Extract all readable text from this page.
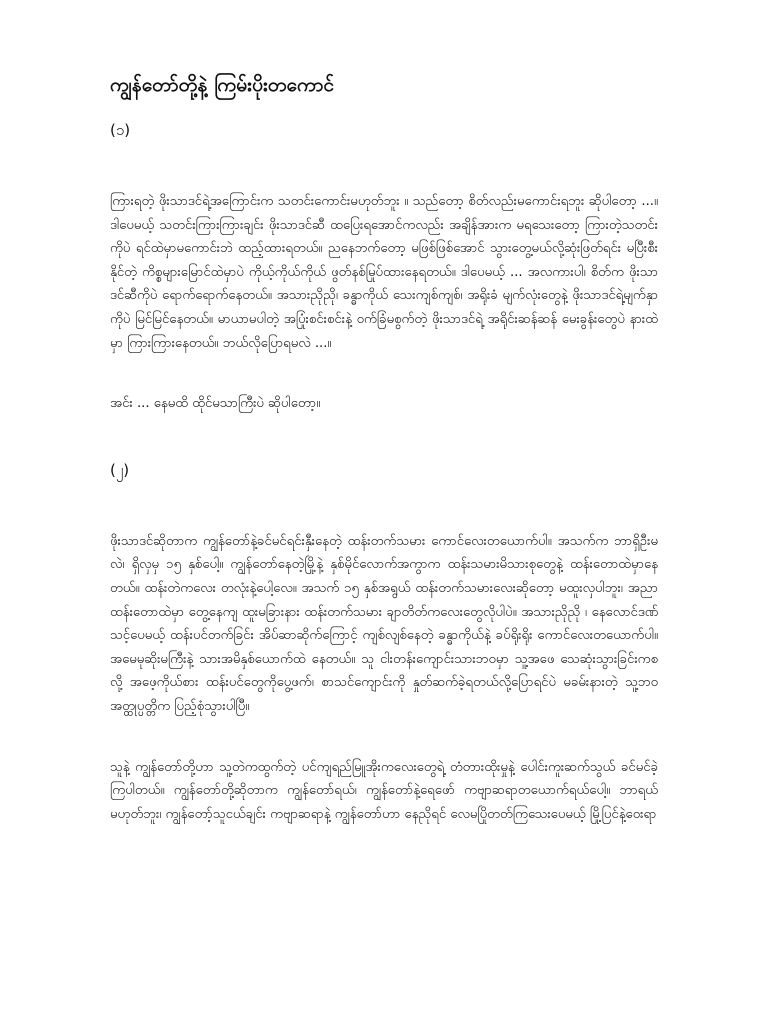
ကျွန်တော်တို့နဲ့ ကြမ်းပိုးတကောင်
(၁)

ကြားရတဲ့ ဖိုးသာဒင်ရဲ့အကြောင်းက သတင်းကောင်းမဟုတ်ဘူး ။ သည်တော့ စိတ်လည်းမကောင်းရဘူး ဆိုပါတော့ ...။ ဒါပေမယ့် သတင်းကြားကြားချင်း ဖိုးသာဒင်ဆီ ထပြေးရအောင်ကလည်း အချိန်အားက မရသေးတော့ ကြားတဲ့သတင်းကိုပဲ ရင်ထဲမှာမကောင်းဘဲ ထည့်ထားရတယ်။ ညနေဘက်တော့ မဖြစ်ဖြစ်အောင် သွားတွေ့မယ်လို့ဆုံးဖြတ်ရင်း မပြီးစီးနိုင်တဲ့ ကိစ္စများမြောင်ထဲမှာပဲ ကိုယ့်ကိုယ်ကိုယ် ဖွတ်နစ်မြုပ်ထားနေရတယ်။ ဒါပေမယ့် ... အလကားပါ၊ စိတ်က ဖိုးသာဒင်ဆီကိုပဲ ရောက်ရောက်နေတယ်။ အသားညိုညို၊ ခန္ဓာကိုယ် သေးကျစ်ကျစ်၊ အရိုးခံ မျက်လုံးတွေနဲ့ ဖိုးသာဒင်ရဲ့မျက်နှာကိုပဲ မြင်မြင်နေတယ်။ မာယာမပါတဲ့ အပြုံးစင်းစင်းနဲ့ ဝက်ခြံမစွက်တဲ့ ဖိုးသာဒင်ရဲ့ အရိုင်းဆန်ဆန် မေးခွန်းတွေပဲ နားထဲမှာ ကြားကြားနေတယ်။ ဘယ်လိုပြောရမလဲ ...။

အင်း ... နေမထိ ထိုင်မသာကြီးပဲ ဆိုပါတော့။

(၂)

ဖိုးသာဒင်ဆိုတာက ကျွန်တော်နဲ့ခင်မင်ရင်းနှီးနေတဲ့ ထန်းတက်သမား ကောင်လေးတယောက်ပါ။ အသက်က ဘာရှိဦးမလဲ၊ ရှိလှမှ ၁၅ နှစ်ပေါ့။ ကျွန်တော်နေတဲ့မြို့နဲ့ နှစ်မိုင်လောက်အကွာက ထန်းသမားမိသားစုတွေနဲ့ ထန်းတောထဲမှာနေတယ်။ ထန်းတဲကလေး တလုံးနဲ့ပေါ့လေ။ အသက် ၁၅ နှစ်အရွယ် ထန်းတက်သမားလေးဆိုတော့ မထူးလှပါဘူး၊ အညာထန်းတောထဲမှာ တွေ့နေကျ ထူးမခြားနား ထန်းတက်သမား ချာတိတ်ကလေးတွေလိုပါပဲ။ အသားညိုညို ၊ နေလောင်ဒဏ်သင့်ပေမယ့် ထန်းပင်တက်ခြင်း အိပ်ဆာဆိုက်ကြောင့် ကျစ်လျစ်နေတဲ့ ခန္ဓာကိုယ်နဲ့ ခပ်ရိုးရိုး ကောင်လေးတယောက်ပါ။ အမေမုဆိုးမကြီးနဲ့ သားအမိနှစ်ယောက်ထဲ နေတယ်။ သူ ငါးတန်းကျောင်းသားဘဝမှာ သူ့အဖေ သေဆုံးသွားခြင်းကစလို့ အဖေ့ကိုယ်စား ထန်းပင်တွေကိုပွေ့ဖက်၊ စာသင်ကျောင်းကို နှုတ်ဆက်ခဲ့ရတယ်လို့ပြောရင်ပဲ မခမ်းနားတဲ့ သူ့ဘဝအတ္ထုပ္ပတ္တိက ပြည့်စုံသွားပါပြီ။

သူနဲ့ ကျွန်တော်တို့ဟာ သူ့တဲကထွက်တဲ့ ပင်ကျရည်မြူအိုးကလေးတွေရဲ့ တံတားထိုးမှုနဲ့ ပေါင်းကူးဆက်သွယ် ခင်မင်ခဲ့ကြပါတယ်။ ကျွန်တော်တို့ဆိုတာက ကျွန်တော်ရယ်၊ ကျွန်တော်နဲ့ရေဖော် ကဗျာဆရာတယောက်ရယ်ပေါ့။ ဘာရယ်မဟုတ်ဘူး၊ ကျွန်တော့်သူငယ်ချင်း ကဗျာဆရာနဲ့ ကျွန်တော်ဟာ နေညိုရင် လေမပြိုတတ်ကြသေးပေမယ့် မြို့ပြင်နဲ့ဝေးရာ
